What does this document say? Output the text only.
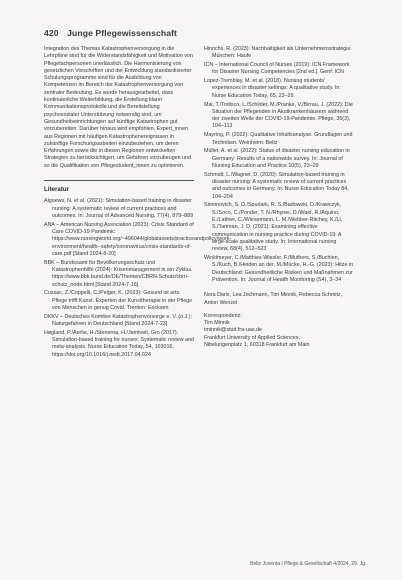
420 Junge Pflegewissenschaft

Integration des Themas Katastrophenversorgung in die Lehrpläne sind für die Widerstandsfähigkeit und Motivation von Pflegefachpersonen unerlässlich. Die Harmonisierung von gesetzlichen Vorschriften und der Entwicklung standardisierter Schulungsprogramme sind für die Ausbildung von Kompetenzen im Bereich der Katastrophenversorgung von zentraler Bedeutung. Es wurde herausgearbeitet, dass kontinuierliche Weiterbildung, die Erstellung klarer Kommunikationsprotokolle und die Bereitstellung psychosozialer Unterstützung notwendig sind, um Gesundheitseinrichtungen auf künftige Katastrophen gut vorzubereiten. Darüber hinaus wird empfohlen, Expert_innen aus Regionen mit häufigen Katastrophenereignissen in zukünftige Forschungsarbeiten einzubeziehen, um deren Erfahrungen sowie die in diesen Regionen entwickelten Strategien zu berücksichtigen, um Gefahren vorzubeugen und so die Qualifikation von Pflegestudent_innen zu optimieren.

Literatur
Algoews, N. et al. (2021): Simulation-based training in disaster nursing: A systematic review of current practices and outcomes. In: Journal of Advanced Nursing, 77(4), 879–889
ANA – American Nursing Association (2023): Crisis Standard of Care COVID-19 Pandemic https://www.nursingworld.org/~496044/globalassets/practiceandpolicy/work-environment/health--safety/coronavirus/crisis-standards-of-care.pdf [Stand 2024-8-20]
BBK – Bundesamt für Bevölkerungsschutz und Katastrophenhilfe (2024): Krisenmanagement in ein Zyklus. https://www.bbk.bund.de/DE/Themen/CBRN-Schutz/cbrn-schutz_node.html [Stand 2024-7-16]
Cussac, Z./Coppelli, C./Pelger, K. (2023): Gesund ist arts. Pflege trifft Kunst. Experten der Kunsttherapie in der Pflege von Menschen in genug Covid. Trenton: Ericksen
DKKV – Deutsches Komitee Katastrophenvorsorge e. V. (o.J.): Naturgefahren in Deutschland [Stand 2024-7-23]
Høgland, P./Aerlie, H./Stenerna, H./Jamtveit, Gro (2017). Simulation-based training for nurses: Systematic review and meta-analysis. Nurse Education Today, 54, 103016, https://doi.org/10.1016/j.nedt.2017.04.024
Hinrichs, R. (2023): Nachhaltigkeit als Unternehmensstrategie. München: Haufe
ICN – International Council of Nurses (2019): ICN Framework for Disaster Nursing Competencies [2nd ed.]. Genf: ICN
Lopez-Tremblay, M. et al. (2018). Nursing students' experiences in disaster settings: A qualitative study. In: Nurse Education Today, 65, 23–29.
Mai, T./Todisco, L./Schilder, M./Pranke, V./Birrau, J. (2022): Die Situation der Pflegenden in Akutkrankenhäusern während der zweiten Welle der COVID-19-Pandemie. Pflege, 35(3), 104–113
Mayring, P. (2022): Qualitative Inhaltsanalyse. Grundlagen und Techniken. Weinheim: Beltz
Müller, A. et al. (2022): Status of disaster nursing education in Germany: Results of a nationwide survey. In: Journal of Nursing Education and Practice 10(5), 23–29
Schmidt, L./Wagner, D. (2020): Simulation-based training in disaster nursing: A systematic review of current practices and outcomes in Germany. In: Nurse Education Today 84, 104–204
Simonovich, S. D./Spurlark, R. S./Badowski, D./Krawczyk, S./Soco, C./Ponder, T. N./Rhyner, D./Waid, R./Aquino, E./Lattner, C./Wiesemann, L. M./Webber-Ritchey, K./Li, S./Tariman, J. D. (2021): Examining effective communication in nursing practice during COVID-19: A large-scale qualitative study. In: International nursing review, 68(4), 512–523
Winklmeyer, C./Matthies-Wiesler, F./Muthers, S./Buchien, S./Kuch, B./Heiden an der, M./Mücke, H.-G. (2023): Hitze in Deutschland: Gesundheitliche Risiken und Maßnahmen zur Prävention. In: Journal of Health Monitoring (S4), 3–34
Nora Darix, Lea Jochmann, Tim Minnik, Rebecca Schmitz, Anton Wenzel
Korrespondenz:
Tim Minnik
tminnik@stud.fra-uas.de
Frankfurt University of Applied Sciences,
Nibelungenplatz 1, 60318 Frankfurt am Main
Beltz Juventa | Pflege & Gesellschaft 4/2024, 29. Jg.
